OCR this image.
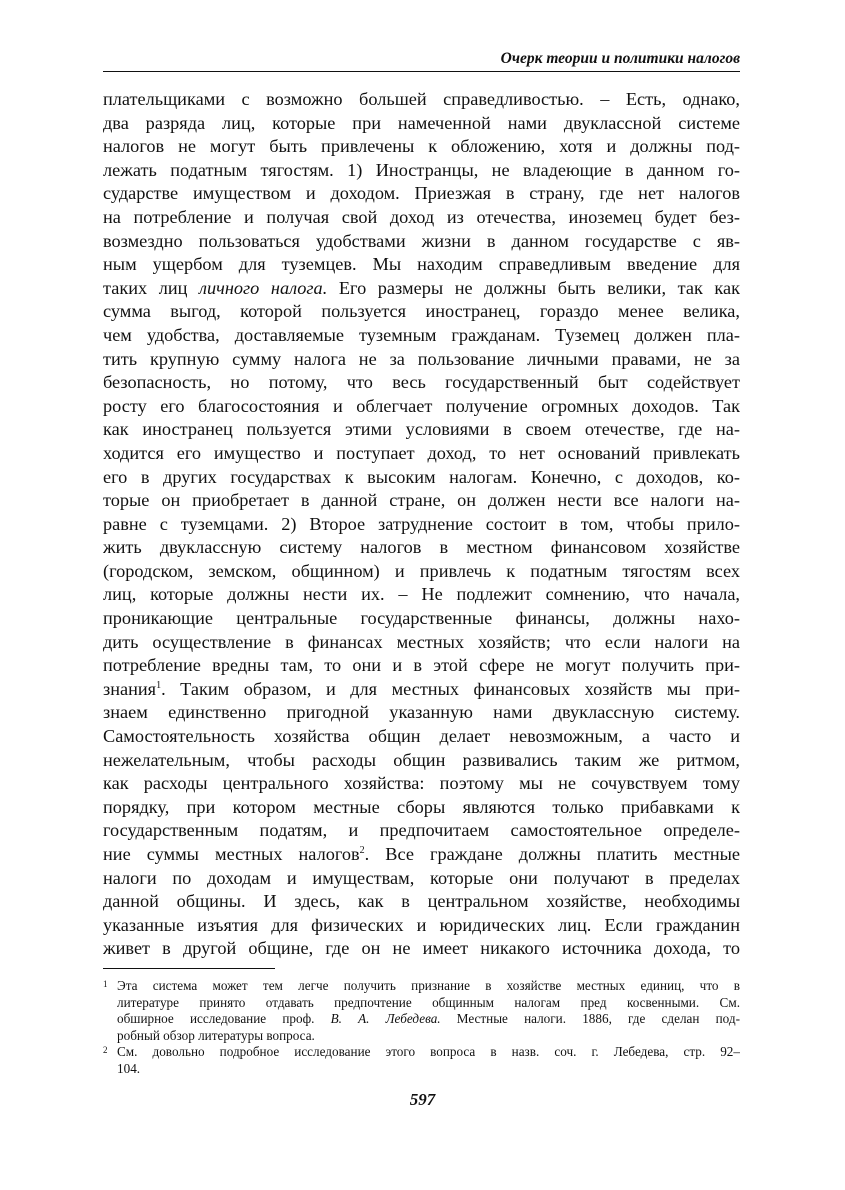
Очерк теории и политики налогов
плательщиками с возможно большей справедливостью. – Есть, однако,
два разряда лиц, которые при намеченной нами двуклассной системе
налогов не могут быть привлечены к обложению, хотя и должны под-
лежать податным тягостям. 1) Иностранцы, не владеющие в данном го-
сударстве имуществом и доходом. Приезжая в страну, где нет налогов
на потребление и получая свой доход из отечества, иноземец будет без-
возмездно пользоваться удобствами жизни в данном государстве с яв-
ным ущербом для туземцев. Мы находим справедливым введение для
таких лиц личного налога. Его размеры не должны быть велики, так как
сумма выгод, которой пользуется иностранец, гораздо менее велика,
чем удобства, доставляемые туземным гражданам. Туземец должен пла-
тить крупную сумму налога не за пользование личными правами, не за
безопасность, но потому, что весь государственный быт содействует
росту его благосостояния и облегчает получение огромных доходов. Так
как иностранец пользуется этими условиями в своем отечестве, где на-
ходится его имущество и поступает доход, то нет оснований привлекать
его в других государствах к высоким налогам. Конечно, с доходов, ко-
торые он приобретает в данной стране, он должен нести все налоги на-
равне с туземцами. 2) Второе затруднение состоит в том, чтобы прило-
жить двуклассную систему налогов в местном финансовом хозяйстве
(городском, земском, общинном) и привлечь к податным тягостям всех
лиц, которые должны нести их. – Не подлежит сомнению, что начала,
проникающие центральные государственные финансы, должны нахо-
дить осуществление в финансах местных хозяйств; что если налоги на
потребление вредны там, то они и в этой сфере не могут получить при-
знания$^1$. Таким образом, и для местных финансовых хозяйств мы при-
знаем единственно пригодной указанную нами двуклассную систему.
Самостоятельность хозяйства общин делает невозможным, а часто и
нежелательным, чтобы расходы общин развивались таким же ритмом,
как расходы центрального хозяйства: поэтому мы не сочувствуем тому
порядку, при котором местные сборы являются только прибавками к
государственным податям, и предпочитаем самостоятельное определе-
ние суммы местных налогов$^2$. Все граждане должны платить местные
налоги по доходам и имуществам, которые они получают в пределах
данной общины. И здесь, как в центральном хозяйстве, необходимы
указанные изъятия для физических и юридических лиц. Если гражданин
живет в другой общине, где он не имеет никакого источника дохода, то
1 Эта система может тем легче получить признание в хозяйстве местных единиц, что в
литературе принято отдавать предпочтение общинным налогам пред косвенными. См.
обширное исследование проф. В. А. Лебедева. Местные налоги. 1886, где сделан под-
робный обзор литературы вопроса.
2 См. довольно подробное исследование этого вопроса в назв. соч. г. Лебедева, стр. 92–
104.
597
